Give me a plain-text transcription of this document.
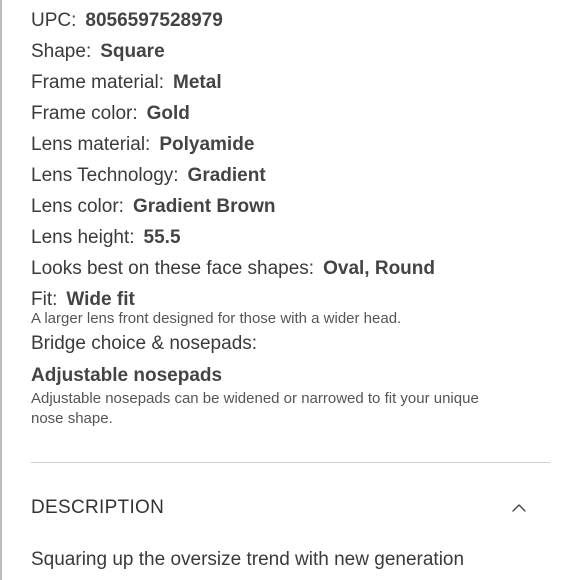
UPC: 8056597528979
Shape: Square
Frame material: Metal
Frame color: Gold
Lens material: Polyamide
Lens Technology: Gradient
Lens color: Gradient Brown
Lens height: 55.5
Looks best on these face shapes: Oval, Round
Fit: Wide fit
A larger lens front designed for those with a wider head.
Bridge choice & nosepads:
Adjustable nosepads
Adjustable nosepads can be widened or narrowed to fit your unique nose shape.
DESCRIPTION
Squaring up the oversize trend with new generation
